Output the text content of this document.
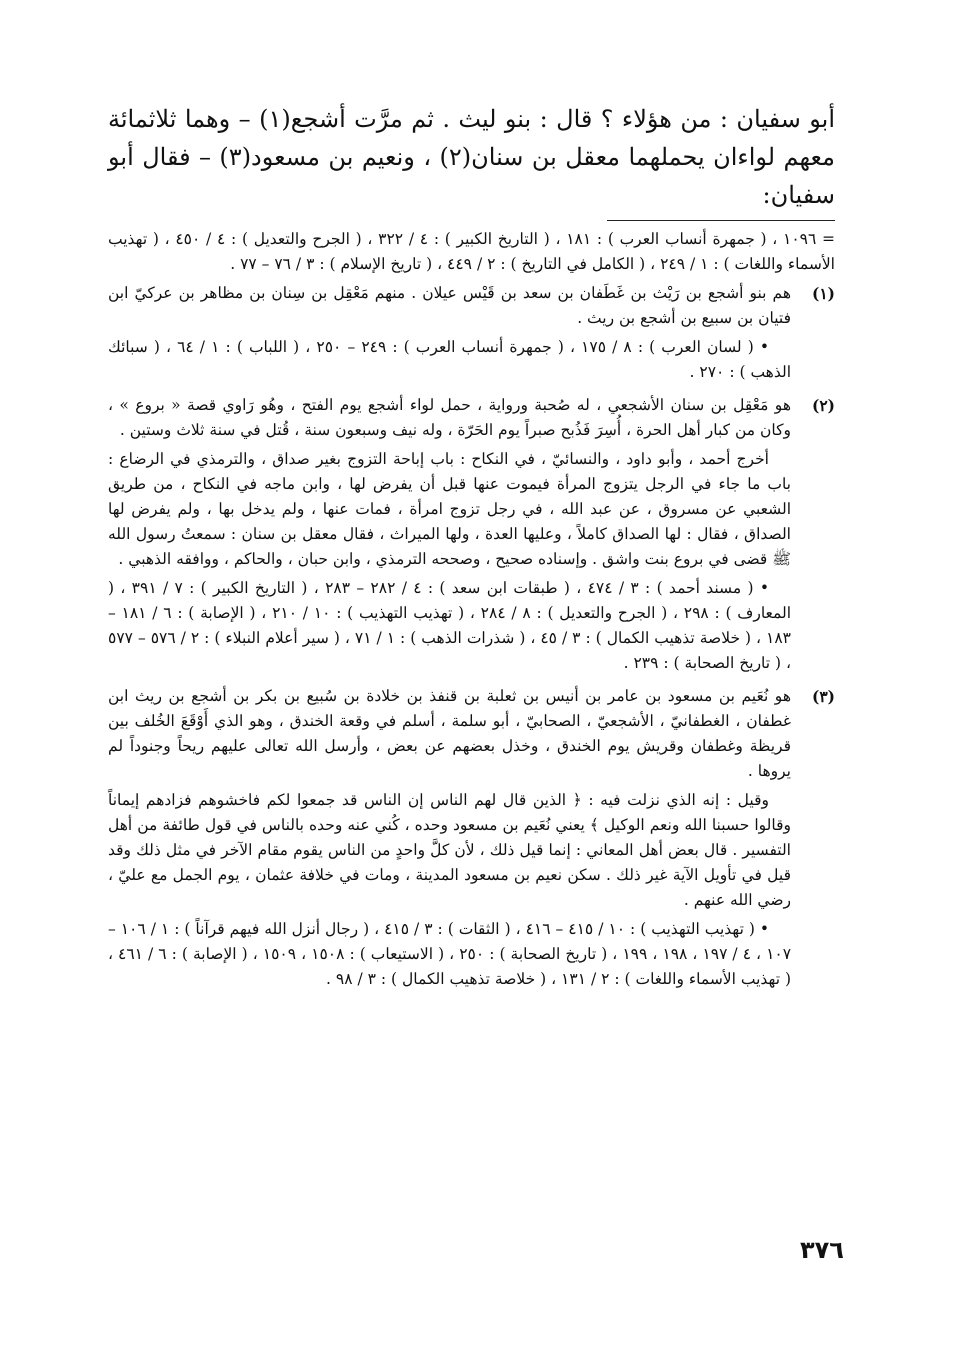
أبو سفيان : من هؤلاء ؟ قال : بنو ليث . ثم مرَّت أشجع(١) – وهما ثلاثمائة معهم لواءان يحملهما معقل بن سنان(٢) ، ونعيم بن مسعود(٣) – فقال أبو سفيان:

= ١٠٩٦ ، ( جمهرة أنساب العرب ) : ١٨١ ، ( التاريخ الكبير ) : ٤ / ٣٢٢ ، ( الجرح والتعديل ) : ٤ / ٤٥٠ ، ( تهذيب الأسماء واللغات ) : ١ / ٢٤٩ ، ( الكامل في التاريخ ) : ٢ / ٤٤٩ ، ( تاريخ الإسلام ) : ٣ / ٧٦ – ٧٧ .

(١)

هم بنو أشجع بن رَيْث بن غَطَفان بن سعد بن قَيْس عيلان . منهم مَعْقِل بن سِنان بن مظاهر بن عركيّ ابن فتيان بن سبيع بن أشجع بن ريث .

• ( لسان العرب ) : ٨ / ١٧٥ ، ( جمهرة أنساب العرب ) : ٢٤٩ – ٢٥٠ ، ( اللباب ) : ١ / ٦٤ ، ( سبائك الذهب ) : ٢٧٠ .

(٢)

هو مَعْقِل بن سنان الأشجعي ، له صُحبة ورواية ، حمل لواء أشجع يوم الفتح ، وهُو رَاوي قصة « بروع » ، وكان من كبار أهل الحرة ، أُسِرَ فَذُبح صبراً يوم الحَرّة ، وله نيف وسبعون سنة ، قُتل في سنة ثلاث وستين .

أخرج أحمد ، وأبو داود ، والنسائيّ ، في النكاح : باب إباحة التزوج بغير صداق ، والترمذي في الرضاع : باب ما جاء في الرجل يتزوج المرأة فيموت عنها قبل أن يفرض لها ، وابن ماجه في النكاح ، من طريق الشعبي عن مسروق ، عن عبد الله ، في رجل تزوج امرأة ، فمات عنها ، ولم يدخل بها ، ولم يفرض لها الصداق ، فقال : لها الصداق كاملاً ، وعليها العدة ، ولها الميراث ، فقال معقل بن سنان : سمعتُ رسول الله ﷺ قضى في بروع بنت واشق . وإسناده صحيح ، وصححه الترمذي ، وابن حبان ، والحاكم ، ووافقه الذهبي .

• ( مسند أحمد ) : ٣ / ٤٧٤ ، ( طبقات ابن سعد ) : ٤ / ٢٨٢ – ٢٨٣ ، ( التاريخ الكبير ) : ٧ / ٣٩١ ، ( المعارف ) : ٢٩٨ ، ( الجرح والتعديل ) : ٨ / ٢٨٤ ، ( تهذيب التهذيب ) : ١٠ / ٢١٠ ، ( الإصابة ) : ٦ / ١٨١ – ١٨٣ ، ( خلاصة تذهيب الكمال ) : ٣ / ٤٥ ، ( شذرات الذهب ) : ١ / ٧١ ، ( سير أعلام النبلاء ) : ٢ / ٥٧٦ – ٥٧٧ ، ( تاريخ الصحابة ) : ٢٣٩ .

(٣)

هو نُعَيم بن مسعود بن عامر بن أنيس بن ثعلبة بن قنفذ بن خلادة بن سُبيع بن بكر بن أشجع بن ريث ابن غطفان ، الغطفانيّ ، الأشجعيّ ، الصحابيّ ، أبو سلمة ، أسلم في وقعة الخندق ، وهو الذي أَوْقَعَ الخُلف بين قريظة وغطفان وقريش يوم الخندق ، وخذل بعضهم عن بعض ، وأرسل الله تعالى عليهم ريحاً وجنوداً لم يروها .

وقيل : إنه الذي نزلت فيه : ﴿ الذين قال لهم الناس إن الناس قد جمعوا لكم فاخشوهم فزادهم إيماناً وقالوا حسبنا الله ونعم الوكيل ﴾ يعني نُعَيم بن مسعود وحده ، كُني عنه وحده بالناس في قول طائفة من أهل التفسير . قال بعض أهل المعاني : إنما قيل ذلك ، لأن كلَّ واحدٍ من الناس يقوم مقام الآخر في مثل ذلك وقد قيل في تأويل الآية غير ذلك . سكن نعيم بن مسعود المدينة ، ومات في خلافة عثمان ، يوم الجمل مع عليّ ، رضي الله عنهم .

• ( تهذيب التهذيب ) : ١٠ / ٤١٥ – ٤١٦ ، ( الثقات ) : ٣ / ٤١٥ ، ( رجال أنزل الله فيهم قرآناً ) : ١ / ١٠٦ – ١٠٧ ، ٤ / ١٩٧ ، ١٩٨ ، ١٩٩ ، ( تاريخ الصحابة ) : ٢٥٠ ، ( الاستيعاب ) : ١٥٠٨ ، ١٥٠٩ ، ( الإصابة ) : ٦ / ٤٦١ ، ( تهذيب الأسماء واللغات ) : ٢ / ١٣١ ، ( خلاصة تذهيب الكمال ) : ٣ / ٩٨ .

٣٧٦
